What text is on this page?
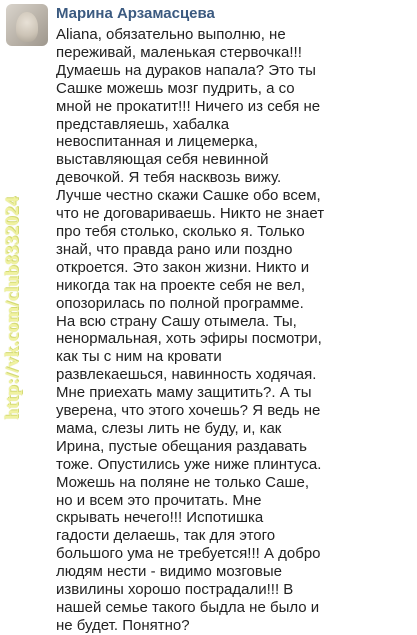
Марина Арзамасцева

Aliana, обязательно выполню, не
переживай, маленькая стервочка!!!
Думаешь на дураков напала? Это ты
Сашке можешь мозг пудрить, а со
мной не прокатит!!! Ничего из себя не
представляешь, хабалка
невоспитанная и лицемерка,
выставляющая себя невинной
девочкой. Я тебя насквозь вижу.
Лучше честно скажи Сашке обо всем,
что не договариваешь. Никто не знает
про тебя столько, сколько я. Только
знай, что правда рано или поздно
откроется. Это закон жизни. Никто и
никогда так на проекте себя не вел,
опозорилась по полной программе.
На всю страну Сашу отымела. Ты,
ненормальная, хоть эфиры посмотри,
как ты с ним на кровати
развлекаешься, навинность ходячая.
Мне приехать маму защитить?. А ты
уверена, что этого хочешь? Я ведь не
мама, слезы лить не буду, и, как
Ирина, пустые обещания раздавать
тоже. Опустились уже ниже плинтуса.
Можешь на поляне не только Саше,
но и всем это прочитать. Мне
скрывать нечего!!! Испотишка
гадости делаешь, так для этого
большого ума не требуется!!! А добро
людям нести - видимо мозговые
извилины хорошо пострадали!!! В
нашей семье такого быдла не было и
не будет. Понятно?

http://vk.com/club8332024
